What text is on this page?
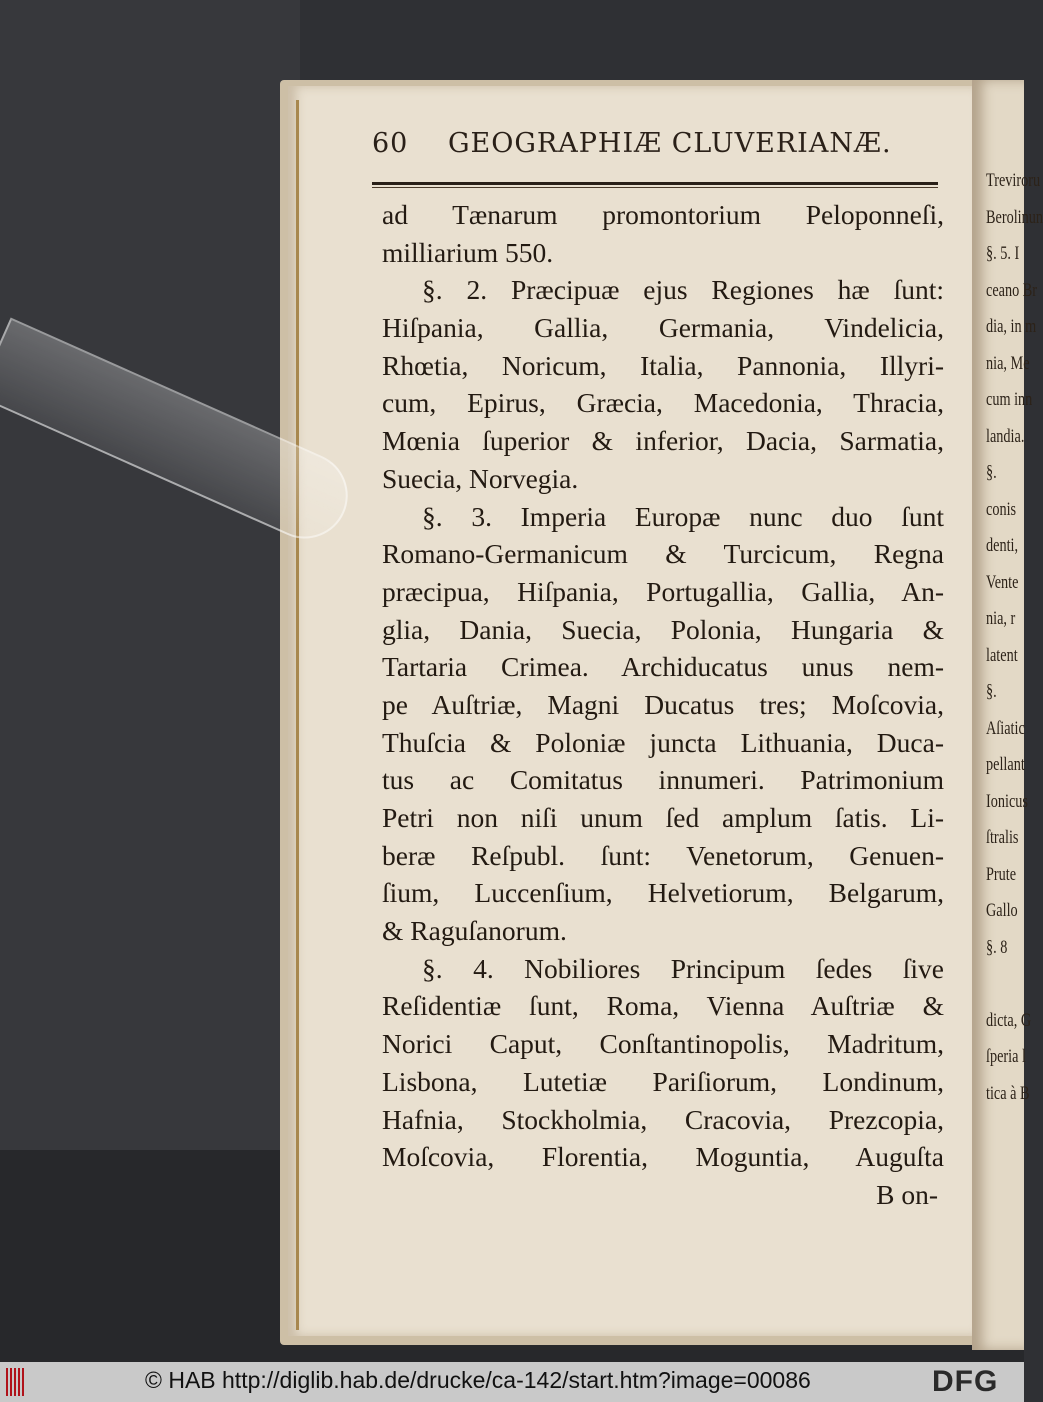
60 GEOGRAPHIÆ CLUVERIANÆ.
ad Tænarum promontorium Peloponneſi,
milliarium 550.
§. 2. Præcipuæ ejus Regiones hæ ſunt:
Hiſpania, Gallia, Germania, Vindelicia,
Rhœtia, Noricum, Italia, Pannonia, Illyri-
cum, Epirus, Græcia, Macedonia, Thracia,
Mœnia ſuperior & inferior, Dacia, Sarmatia,
Suecia, Norvegia.
§. 3. Imperia Europæ nunc duo ſunt
Romano-Germanicum & Turcicum, Regna
præcipua, Hiſpania, Portugallia, Gallia, An-
glia, Dania, Suecia, Polonia, Hungaria &
Tartaria Crimea. Archiducatus unus nem-
pe Auſtriæ, Magni Ducatus tres; Moſcovia,
Thuſcia & Poloniæ juncta Lithuania, Duca-
tus ac Comitatus innumeri. Patrimonium
Petri non niſi unum ſed amplum ſatis. Li-
beræ Reſpubl. ſunt: Venetorum, Genuen-
ſium, Luccenſium, Helvetiorum, Belgarum,
& Raguſanorum.
§. 4. Nobiliores Principum ſedes ſive
Reſidentiæ ſunt, Roma, Vienna Auſtriæ &
Norici Caput, Conſtantinopolis, Madritum,
Lisbona, Lutetiæ Pariſiorum, Londinum,
Hafnia, Stockholmia, Cracovia, Prezcopia,
Moſcovia, Florentia, Moguntia, Auguſta
B on-
Treviroru
Berolinun
§. 5. I
ceano Br
dia, in m
nia, Me
cum inn
landia.
§.
conis
denti,
Vente
nia, r
latent
§.
Aſiatic
pellant
Ionicus
ſtralis
Prute
Gallo
§. 8
dicta, G
ſperia l
tica à B
© HAB http://diglib.hab.de/drucke/ca-142/start.htm?image=00086	DFG
